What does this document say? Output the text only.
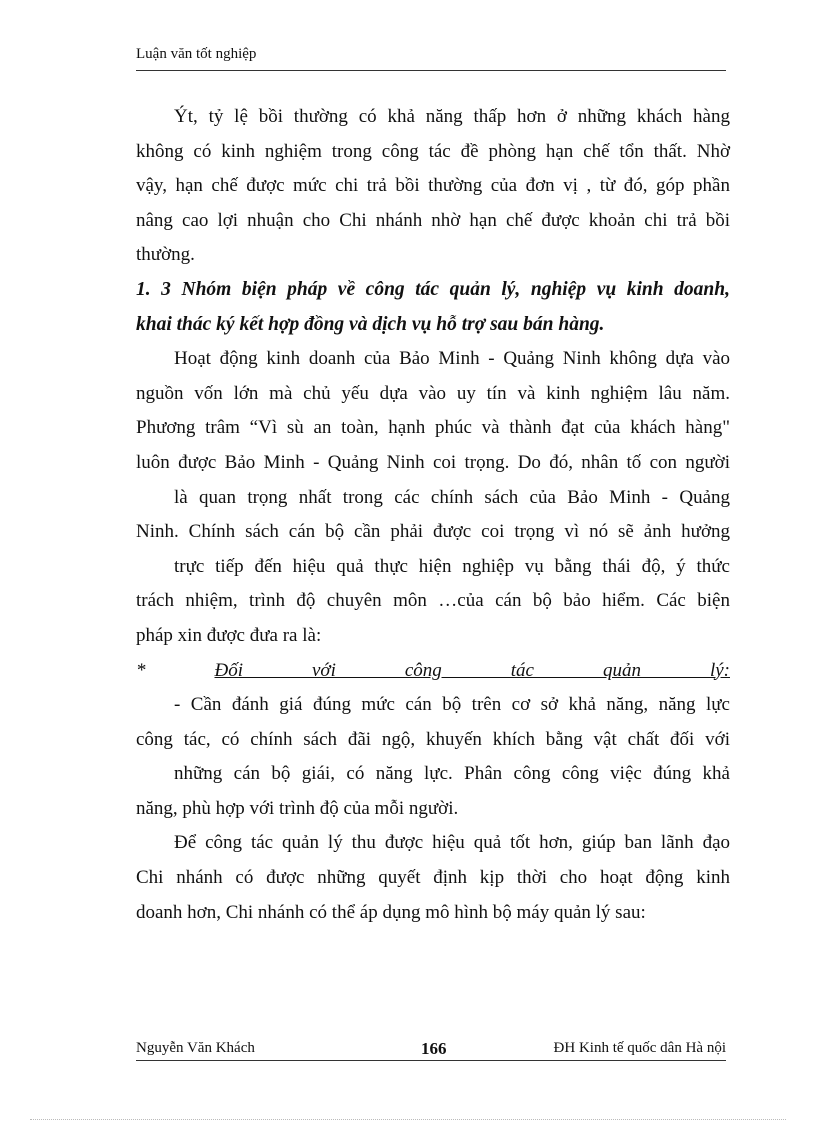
Luận văn tốt nghiệp
Ýt, tỷ lệ bồi thường có khả năng thấp hơn ở những khách hàng
không có kinh nghiệm trong công tác đề phòng hạn chế tổn thất. Nhờ
vậy, hạn chế được mức chi trả bồi thường của đơn vị , từ đó, góp phần
nâng cao lợi nhuận cho Chi nhánh nhờ hạn chế được khoản chi trả bồi
thường.
1. 3 Nhóm biện pháp về công tác quản lý, nghiệp vụ kinh doanh,
khai thác ký kết hợp đồng và dịch vụ hỗ trợ sau bán hàng.
Hoạt động kinh doanh của Bảo Minh - Quảng Ninh không dựa vào
nguồn vốn lớn mà chủ yếu dựa vào uy tín và kinh nghiệm lâu năm.
Phương trâm “Vì sù an toàn, hạnh phúc và thành đạt của khách hàng"
luôn được Bảo Minh - Quảng Ninh coi trọng. Do đó, nhân tố con người
là quan trọng nhất trong các chính sách của Bảo Minh - Quảng
Ninh. Chính sách cán bộ cần phải được coi trọng vì nó sẽ ảnh hưởng
trực tiếp đến hiệu quả thực hiện nghiệp vụ bằng thái độ, ý thức
trách nhiệm, trình độ chuyên môn …của cán bộ bảo hiểm. Các biện
pháp xin được đưa ra là:
* Đối với công tác quản lý:
- Cần đánh giá đúng mức cán bộ trên cơ sở khả năng, năng lực
công tác, có chính sách đãi ngộ, khuyến khích bằng vật chất đối với
những cán bộ giái, có năng lực. Phân công công việc đúng khả
năng, phù hợp với trình độ của mỗi người.
Để công tác quản lý thu được hiệu quả tốt hơn, giúp ban lãnh đạo
Chi nhánh có được những quyết định kịp thời cho hoạt động kinh
doanh hơn, Chi nhánh có thể áp dụng mô hình bộ máy quản lý sau:
Nguyễn Văn Khách	166	ĐH Kinh tế quốc dân Hà nội
